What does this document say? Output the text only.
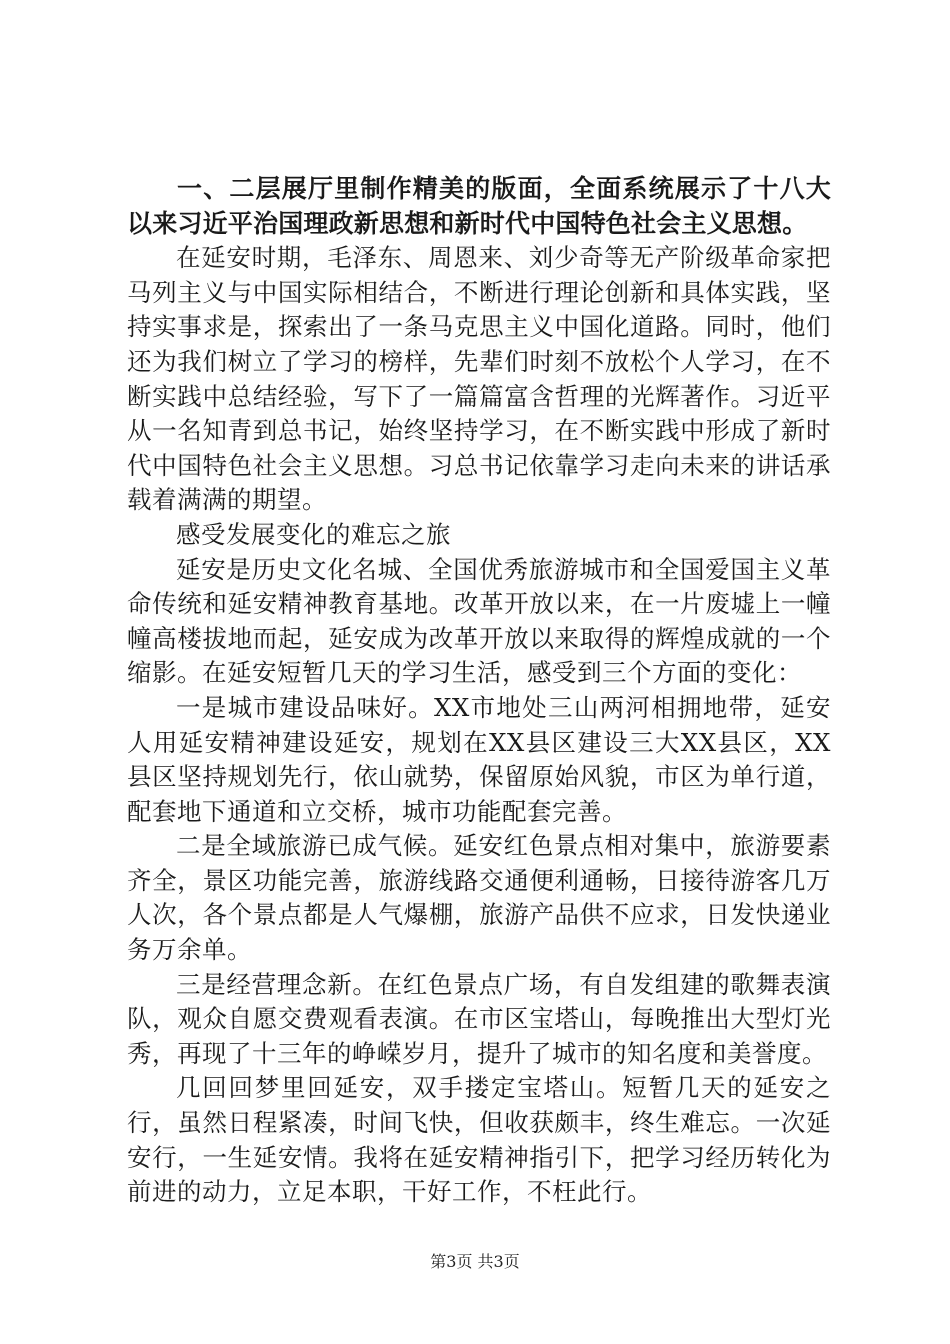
一、二层展厅里制作精美的版面，全面系统展示了十八大以来习近平治国理政新思想和新时代中国特色社会主义思想。

在延安时期，毛泽东、周恩来、刘少奇等无产阶级革命家把马列主义与中国实际相结合，不断进行理论创新和具体实践，坚持实事求是，探索出了一条马克思主义中国化道路。同时，他们还为我们树立了学习的榜样，先辈们时刻不放松个人学习，在不断实践中总结经验，写下了一篇篇富含哲理的光辉著作。习近平从一名知青到总书记，始终坚持学习，在不断实践中形成了新时代中国特色社会主义思想。习总书记依靠学习走向未来的讲话承载着满满的期望。

感受发展变化的难忘之旅

延安是历史文化名城、全国优秀旅游城市和全国爱国主义革命传统和延安精神教育基地。改革开放以来，在一片废墟上一幢幢高楼拔地而起，延安成为改革开放以来取得的辉煌成就的一个缩影。在延安短暂几天的学习生活，感受到三个方面的变化：

一是城市建设品味好。XX市地处三山两河相拥地带，延安人用延安精神建设延安，规划在XX县区建设三大XX县区，XX县区坚持规划先行，依山就势，保留原始风貌，市区为单行道，配套地下通道和立交桥，城市功能配套完善。

二是全域旅游已成气候。延安红色景点相对集中，旅游要素齐全，景区功能完善，旅游线路交通便利通畅，日接待游客几万人次，各个景点都是人气爆棚，旅游产品供不应求，日发快递业务万余单。

三是经营理念新。在红色景点广场，有自发组建的歌舞表演队，观众自愿交费观看表演。在市区宝塔山，每晚推出大型灯光秀，再现了十三年的峥嵘岁月，提升了城市的知名度和美誉度。

几回回梦里回延安，双手搂定宝塔山。短暂几天的延安之行，虽然日程紧凑，时间飞快，但收获颇丰，终生难忘。一次延安行，一生延安情。我将在延安精神指引下，把学习经历转化为前进的动力，立足本职，干好工作，不枉此行。

第3页 共3页
